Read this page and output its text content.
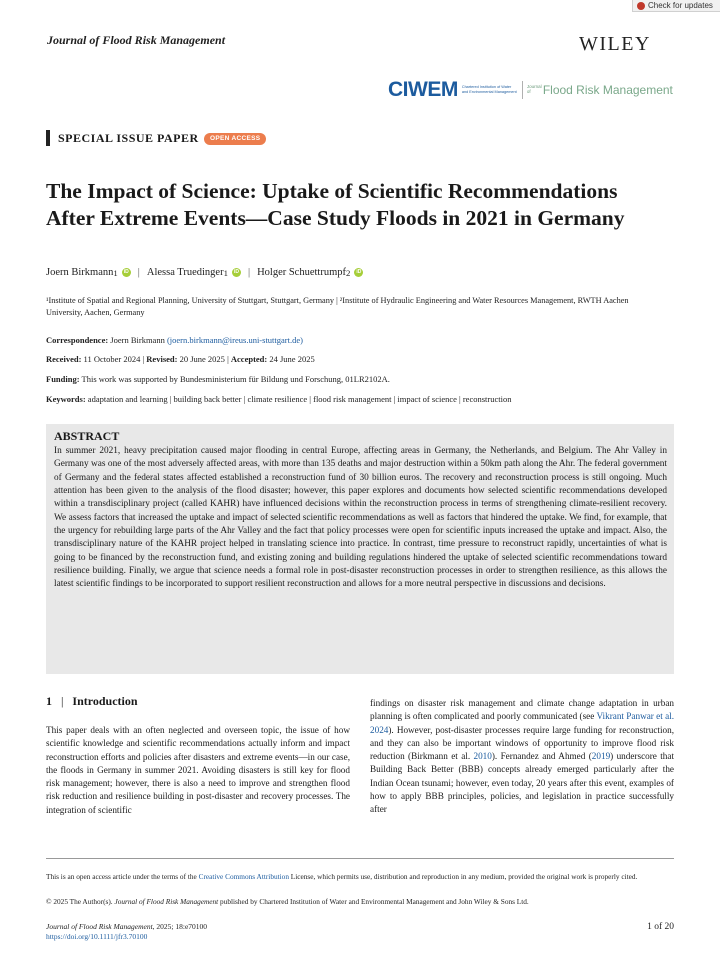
Check for updates
Journal of Flood Risk Management	WILEY
CIWEM Chartered Institution of Water and Environmental Management
Journal of	Flood Risk Management
SPECIAL ISSUE PAPER	OPEN ACCESS
The Impact of Science: Uptake of Scientific Recommendations After Extreme Events—Case Study Floods in 2021 in Germany
Joern Birkmann 1	iD | Alessa Truedinger 1	iD | Holger Schuettrumpf 2	iD
¹Institute of Spatial and Regional Planning, University of Stuttgart, Stuttgart, Germany | ²Institute of Hydraulic Engineering and Water Resources Management, RWTH Aachen University, Aachen, Germany
Correspondence: Joern Birkmann (joern.birkmann@ireus.uni-stuttgart.de)
Received: 11 October 2024 | Revised: 20 June 2025 | Accepted: 24 June 2025
Funding: This work was supported by Bundesministerium für Bildung und Forschung, 01LR2102A.
Keywords: adaptation and learning | building back better | climate resilience | flood risk management | impact of science | reconstruction
ABSTRACT

In summer 2021, heavy precipitation caused major flooding in central Europe, affecting areas in Germany, the Netherlands, and Belgium. The Ahr Valley in Germany was one of the most adversely affected areas, with more than 135 deaths and major destruction within a 50km path along the Ahr. The federal government of Germany and the federal states affected established a reconstruction fund of 30 billion euros. The recovery and reconstruction process is still ongoing. Much attention has been given to the analysis of the flood disaster; however, this paper explores and documents how selected scientific recommendations developed within a transdisciplinary project (called KAHR) have influenced decisions within the reconstruction process in terms of strengthening climate-resilient recovery. We assess factors that increased the uptake and impact of selected scientific recommendations as well as factors that hindered the uptake. We find, for example, that the urgency for rebuilding large parts of the Ahr Valley and the fact that policy processes were open for scientific inputs increased the uptake and impact. Also, the transdisciplinary nature of the KAHR project helped in translating science into practice. In contrast, time pressure to reconstruct rapidly, uncertainties of what is going to be financed by the reconstruction fund, and existing zoning and building regulations hindered the uptake of selected scientific recommendations toward resilience building. Finally, we argue that science needs a formal role in post-disaster reconstruction processes in order to strengthen resilience, as this allows the latest scientific findings to be incorporated to support resilient reconstruction and allows for a more neutral perspective in discussions and decisions.

1 | Introduction

This paper deals with an often neglected and overseen topic, the issue of how scientific knowledge and scientific recommendations actually inform and impact reconstruction efforts and policies after disasters and extreme events—in our case, the floods in Germany in summer 2021. Avoiding disasters is still key for flood risk management; however, there is also a need to improve and strengthen flood risk reduction and resilience building in post-disaster and recovery processes. The integration of scientific

findings on disaster risk management and climate change adaptation in urban planning is often complicated and poorly communicated (see Vikrant Panwar et al. 2024). However, post-disaster processes require large funding for reconstruction, and they can also be important windows of opportunity to improve flood risk reduction (Birkmann et al. 2010). Fernandez and Ahmed (2019) underscore that Building Back Better (BBB) concepts already emerged particularly after the Indian Ocean tsunami; however, even today, 20 years after this event, examples of how to apply BBB principles, policies, and legislation in practice successfully after

This is an open access article under the terms of the Creative Commons Attribution License, which permits use, distribution and reproduction in any medium, provided the original work is properly cited.

© 2025 The Author(s). Journal of Flood Risk Management published by Chartered Institution of Water and Environmental Management and John Wiley & Sons Ltd.

Journal of Flood Risk Management, 2025; 18:e70100
https://doi.org/10.1111/jfr3.70100
1 of 20
